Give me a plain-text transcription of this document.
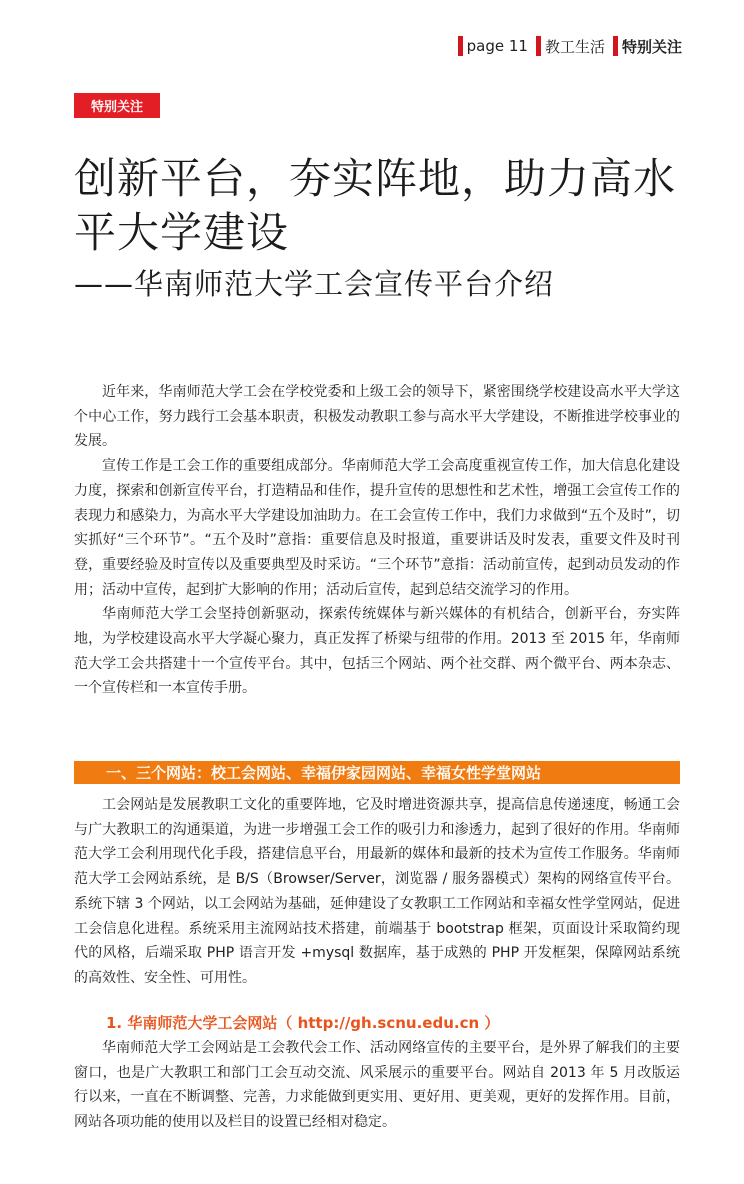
page 11 教工生活 特别关注
特别关注
创新平台，夯实阵地，助力高水平大学建设
——华南师范大学工会宣传平台介绍

近年来，华南师范大学工会在学校党委和上级工会的领导下，紧密围绕学校建设高水平大学这个中心工作，努力践行工会基本职责，积极发动教职工参与高水平大学建设，不断推进学校事业的发展。

宣传工作是工会工作的重要组成部分。华南师范大学工会高度重视宣传工作，加大信息化建设力度，探索和创新宣传平台，打造精品和佳作，提升宣传的思想性和艺术性，增强工会宣传工作的表现力和感染力，为高水平大学建设加油助力。在工会宣传工作中，我们力求做到“五个及时”，切实抓好“三个环节”。“五个及时”意指：重要信息及时报道，重要讲话及时发表，重要文件及时刊登，重要经验及时宣传以及重要典型及时采访。“三个环节”意指：活动前宣传，起到动员发动的作用；活动中宣传，起到扩大影响的作用；活动后宣传，起到总结交流学习的作用。

华南师范大学工会坚持创新驱动，探索传统媒体与新兴媒体的有机结合，创新平台，夯实阵地，为学校建设高水平大学凝心聚力，真正发挥了桥梁与纽带的作用。2013 至 2015 年，华南师范大学工会共搭建十一个宣传平台。其中，包括三个网站、两个社交群、两个微平台、两本杂志、一个宣传栏和一本宣传手册。

一、三个网站：校工会网站、幸福伊家园网站、幸福女性学堂网站

工会网站是发展教职工文化的重要阵地，它及时增进资源共享，提高信息传递速度，畅通工会与广大教职工的沟通渠道，为进一步增强工会工作的吸引力和渗透力，起到了很好的作用。华南师范大学工会利用现代化手段，搭建信息平台，用最新的媒体和最新的技术为宣传工作服务。华南师范大学工会网站系统，是 B/S（Browser/Server，浏览器 / 服务器模式）架构的网络宣传平台。系统下辖 3 个网站，以工会网站为基础，延伸建设了女教职工工作网站和幸福女性学堂网站，促进工会信息化进程。系统采用主流网站技术搭建，前端基于 bootstrap 框架，页面设计采取简约现代的风格，后端采取 PHP 语言开发 +mysql 数据库，基于成熟的 PHP 开发框架，保障网站系统的高效性、安全性、可用性。

1. 华南师范大学工会网站（ http://gh.scnu.edu.cn ）

华南师范大学工会网站是工会教代会工作、活动网络宣传的主要平台，是外界了解我们的主要窗口，也是广大教职工和部门工会互动交流、风采展示的重要平台。网站自 2013 年 5 月改版运行以来，一直在不断调整、完善，力求能做到更实用、更好用、更美观，更好的发挥作用。目前，网站各项功能的使用以及栏目的设置已经相对稳定。
